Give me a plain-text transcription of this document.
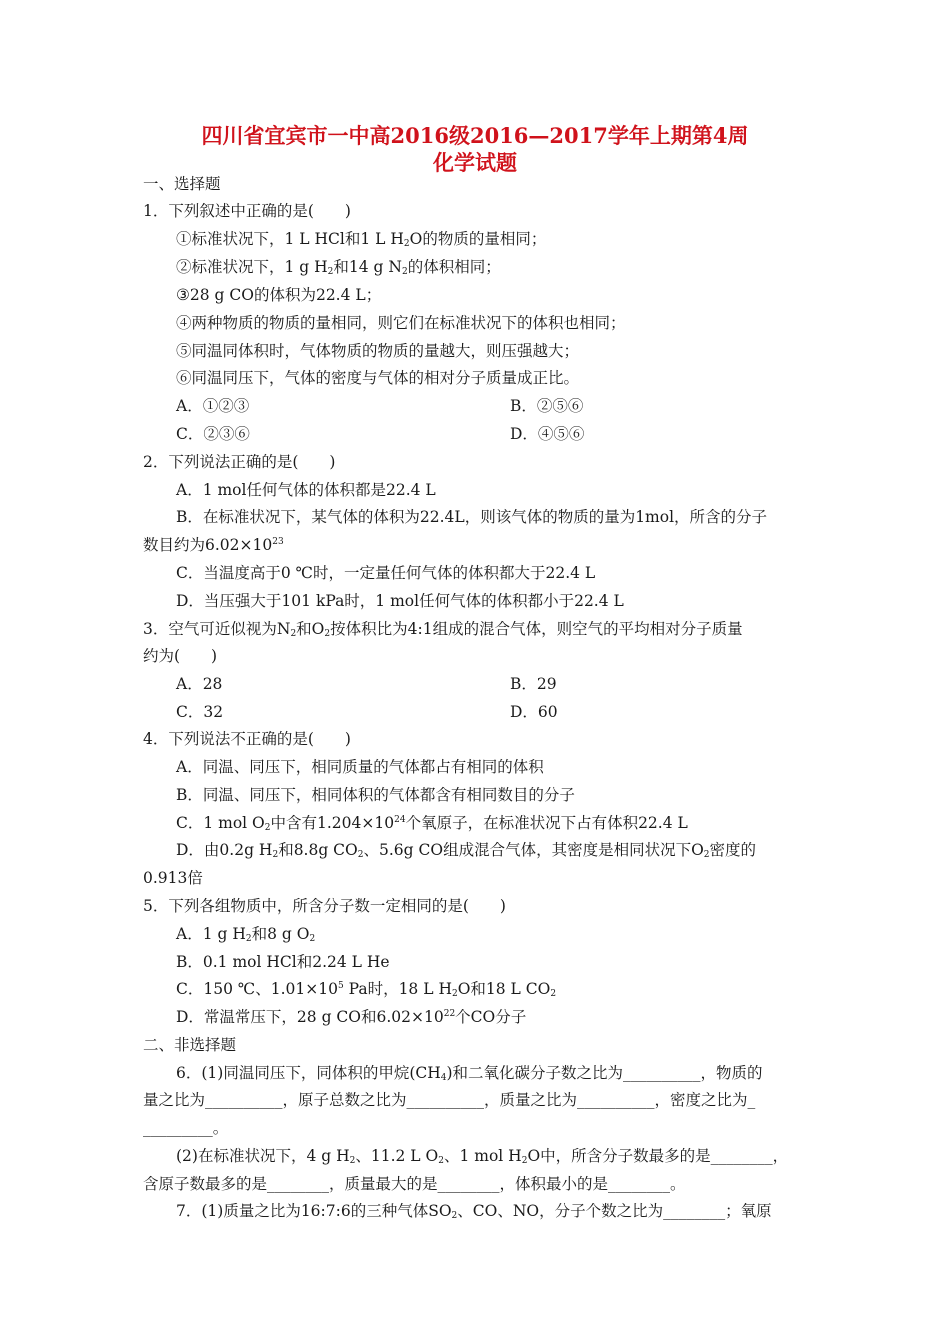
四川省宜宾市一中高2016级2016—2017学年上期第4周
化学试题
一、选择题
1．下列叙述中正确的是(　　)
①标准状况下，1 L HCl和1 L $H_2O$的物质的量相同；
②标准状况下，1 g $H_2$和14 g $N_2$的体积相同；
③28 g CO的体积为22.4 L；
④两种物质的物质的量相同，则它们在标准状况下的体积也相同；
⑤同温同体积时，气体物质的物质的量越大，则压强越大；
⑥同温同压下，气体的密度与气体的相对分子质量成正比。
A．①②③	B．②⑤⑥
C．②③⑥	D．④⑤⑥
2．下列说法正确的是(　　)
A．1 mol任何气体的体积都是22.4 L
B．在标准状况下，某气体的体积为22.4L，则该气体的物质的量为1mol，所含的分子
数目约为$6.02\times 10^{23}$
C．当温度高于0 ℃时，一定量任何气体的体积都大于22.4 L
D．当压强大于101 kPa时，1 mol任何气体的体积都小于22.4 L
3．空气可近似视为$N_2$和$O_2$按体积比为4:1组成的混合气体，则空气的平均相对分子质量
约为(　　)
A．28	B．29
C．32	D．60
4．下列说法不正确的是(　　)
A．同温、同压下，相同质量的气体都占有相同的体积
B．同温、同压下，相同体积的气体都含有相同数目的分子
C．1 mol $O_2$中含有$1.204\times 10^{24}$个氧原子，在标准状况下占有体积22.4 L
D．由0.2g $H_2$和8.8g $CO_2$、5.6g CO组成混合气体，其密度是相同状况下$O_2$密度的
0.913倍
5．下列各组物质中，所含分子数一定相同的是(　　)
A．1 g $H_2$和8 g $O_2$
B．0.1 mol HCl和2.24 L He
C．150 ℃、$1.01\times 10^5$ Pa时，18 L $H_2O$和18 L $CO_2$
D．常温常压下，28 g CO和$6.02\times 10^{22}$个CO分子
二、非选择题
6．(1)同温同压下，同体积的甲烷$(CH_4)$和二氧化碳分子数之比为__________，物质的
量之比为__________，原子总数之比为__________，质量之比为__________，密度之比为_
_________。
(2)在标准状况下，4 g $H_2$、11.2 L $O_2$、1 mol $H_2O$中，所含分子数最多的是________，
含原子数最多的是________，质量最大的是________，体积最小的是________。
7．(1)质量之比为16:7:6的三种气体$SO_2$、CO、NO，分子个数之比为________；氧原
